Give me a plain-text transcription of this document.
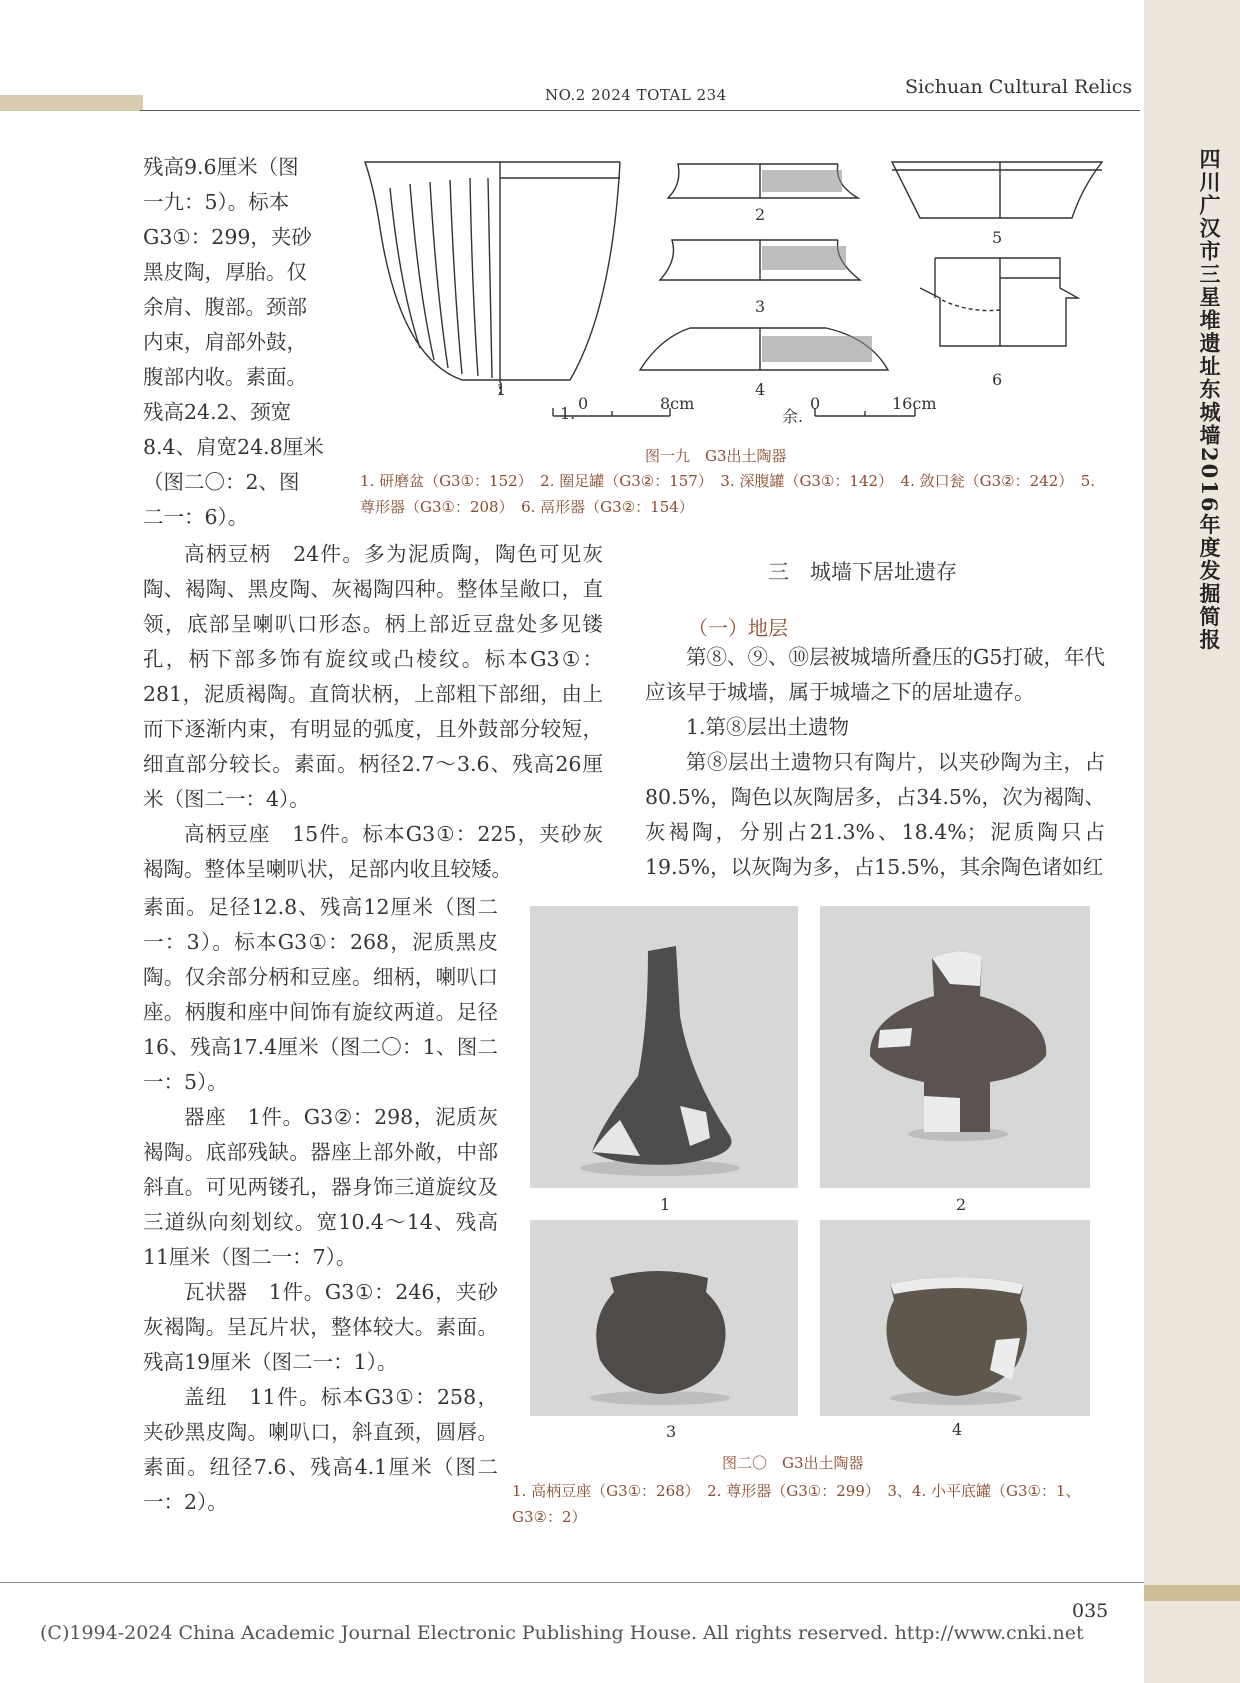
NO.2 2024 TOTAL 234	Sichuan Cultural Relics
四川广汉市三星堆遗址东城墙2016年度发掘简报
残高9.6厘米（图
一九：5）。标本
G3①：299，夹砂
黑皮陶，厚胎。仅
余肩、腹部。颈部
内束，肩部外鼓，
腹部内收。素面。
残高24.2、颈宽
8.4、肩宽24.8厘米
（图二〇：2、图
二一：6）。
1
2
3
4
5
6
1.
0	8cm
余.
0	16cm
图一九　G3出土陶器
1. 研磨盆（G3①：152）　2. 圈足罐（G3②：157）　3. 深腹罐（G3①：142）　4. 敛口瓮（G3②：242）　5. 尊形器（G3①：208）　6. 鬲形器（G3②：154）

高柄豆柄　24件。多为泥质陶，陶色可见灰陶、褐陶、黑皮陶、灰褐陶四种。整体呈敞口，直领，底部呈喇叭口形态。柄上部近豆盘处多见镂孔，柄下部多饰有旋纹或凸棱纹。标本G3①：281，泥质褐陶。直筒状柄，上部粗下部细，由上而下逐渐内束，有明显的弧度，且外鼓部分较短，细直部分较长。素面。柄径2.7～3.6、残高26厘米（图二一：4）。

高柄豆座　15件。标本G3①：225，夹砂灰褐陶。整体呈喇叭状，足部内收且较矮。

素面。足径12.8、残高12厘米（图二一：3）。标本G3①：268，泥质黑皮陶。仅余部分柄和豆座。细柄，喇叭口座。柄腹和座中间饰有旋纹两道。足径16、残高17.4厘米（图二〇：1、图二一：5）。

器座　1件。G3②：298，泥质灰褐陶。底部残缺。器座上部外敞，中部斜直。可见两镂孔，器身饰三道旋纹及三道纵向刻划纹。宽10.4～14、残高11厘米（图二一：7）。

瓦状器　1件。G3①：246，夹砂灰褐陶。呈瓦片状，整体较大。素面。残高19厘米（图二一：1）。

盖纽　11件。标本G3①：258，夹砂黑皮陶。喇叭口，斜直颈，圆唇。素面。纽径7.6、残高4.1厘米（图二一：2）。

三　城墙下居址遗存
（一）地层

第⑧、⑨、⑩层被城墙所叠压的G5打破，年代应该早于城墙，属于城墙之下的居址遗存。

1.第⑧层出土遗物

第⑧层出土遗物只有陶片，以夹砂陶为主，占80.5%，陶色以灰陶居多，占34.5%，次为褐陶、灰褐陶，分别占21.3%、18.4%；泥质陶只占19.5%，以灰陶为多，占15.5%，其余陶色诸如红

1	2
3	4
图二〇　G3出土陶器
1. 高柄豆座（G3①：268）　2. 尊形器（G3①：299）　3、4. 小平底罐（G3①：1、G3②：2）
035
(C)1994-2024 China Academic Journal Electronic Publishing House. All rights reserved. http://www.cnki.net
